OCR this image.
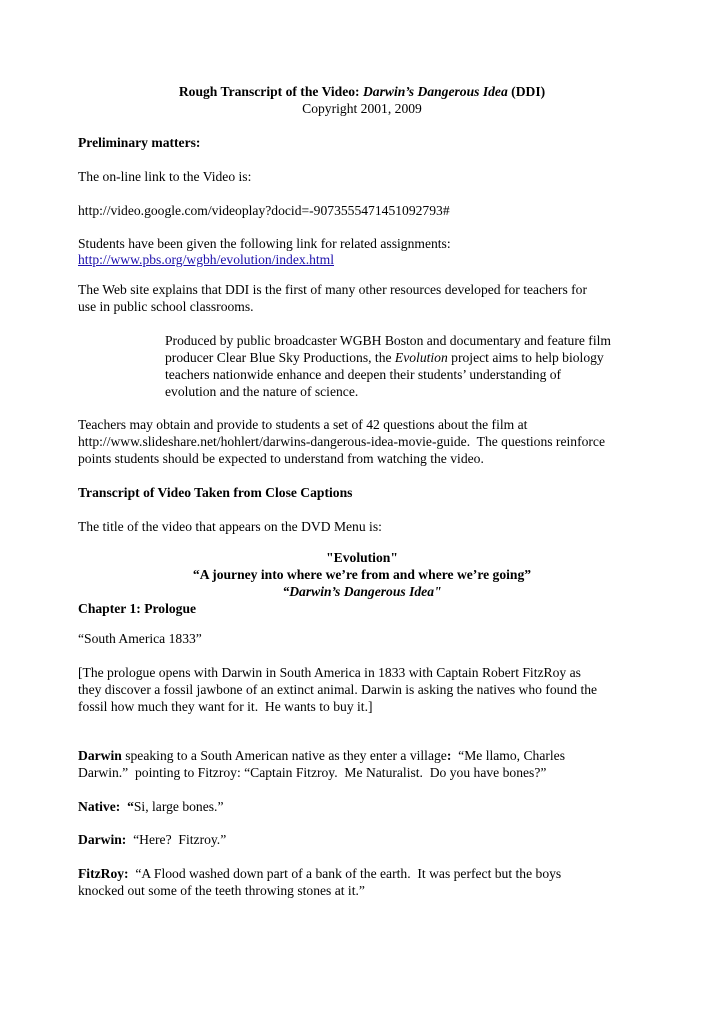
Rough Transcript of the Video: Darwin’s Dangerous Idea (DDI)
Copyright 2001, 2009
Preliminary matters:
The on-line link to the Video is:
http://video.google.com/videoplay?docid=-9073555471451092793#
Students have been given the following link for related assignments:
http://www.pbs.org/wgbh/evolution/index.html
The Web site explains that DDI is the first of many other resources developed for teachers for
use in public school classrooms.
Produced by public broadcaster WGBH Boston and documentary and feature film
producer Clear Blue Sky Productions, the Evolution project aims to help biology
teachers nationwide enhance and deepen their students’ understanding of
evolution and the nature of science.
Teachers may obtain and provide to students a set of 42 questions about the film at
http://www.slideshare.net/hohlert/darwins-dangerous-idea-movie-guide.  The questions reinforce
points students should be expected to understand from watching the video.
Transcript of Video Taken from Close Captions
The title of the video that appears on the DVD Menu is:
"Evolution"
“A journey into where we’re from and where we’re going”
“Darwin’s Dangerous Idea"
Chapter 1: Prologue
“South America 1833”
[The prologue opens with Darwin in South America in 1833 with Captain Robert FitzRoy as
they discover a fossil jawbone of an extinct animal. Darwin is asking the natives who found the
fossil how much they want for it.  He wants to buy it.]
Darwin speaking to a South American native as they enter a village:  “Me llamo, Charles
Darwin.”  pointing to Fitzroy: “Captain Fitzroy.  Me Naturalist.  Do you have bones?”
Native:  “Si, large bones.”
Darwin:  “Here?  Fitzroy.”
FitzRoy:  “A Flood washed down part of a bank of the earth.  It was perfect but the boys
knocked out some of the teeth throwing stones at it.”
